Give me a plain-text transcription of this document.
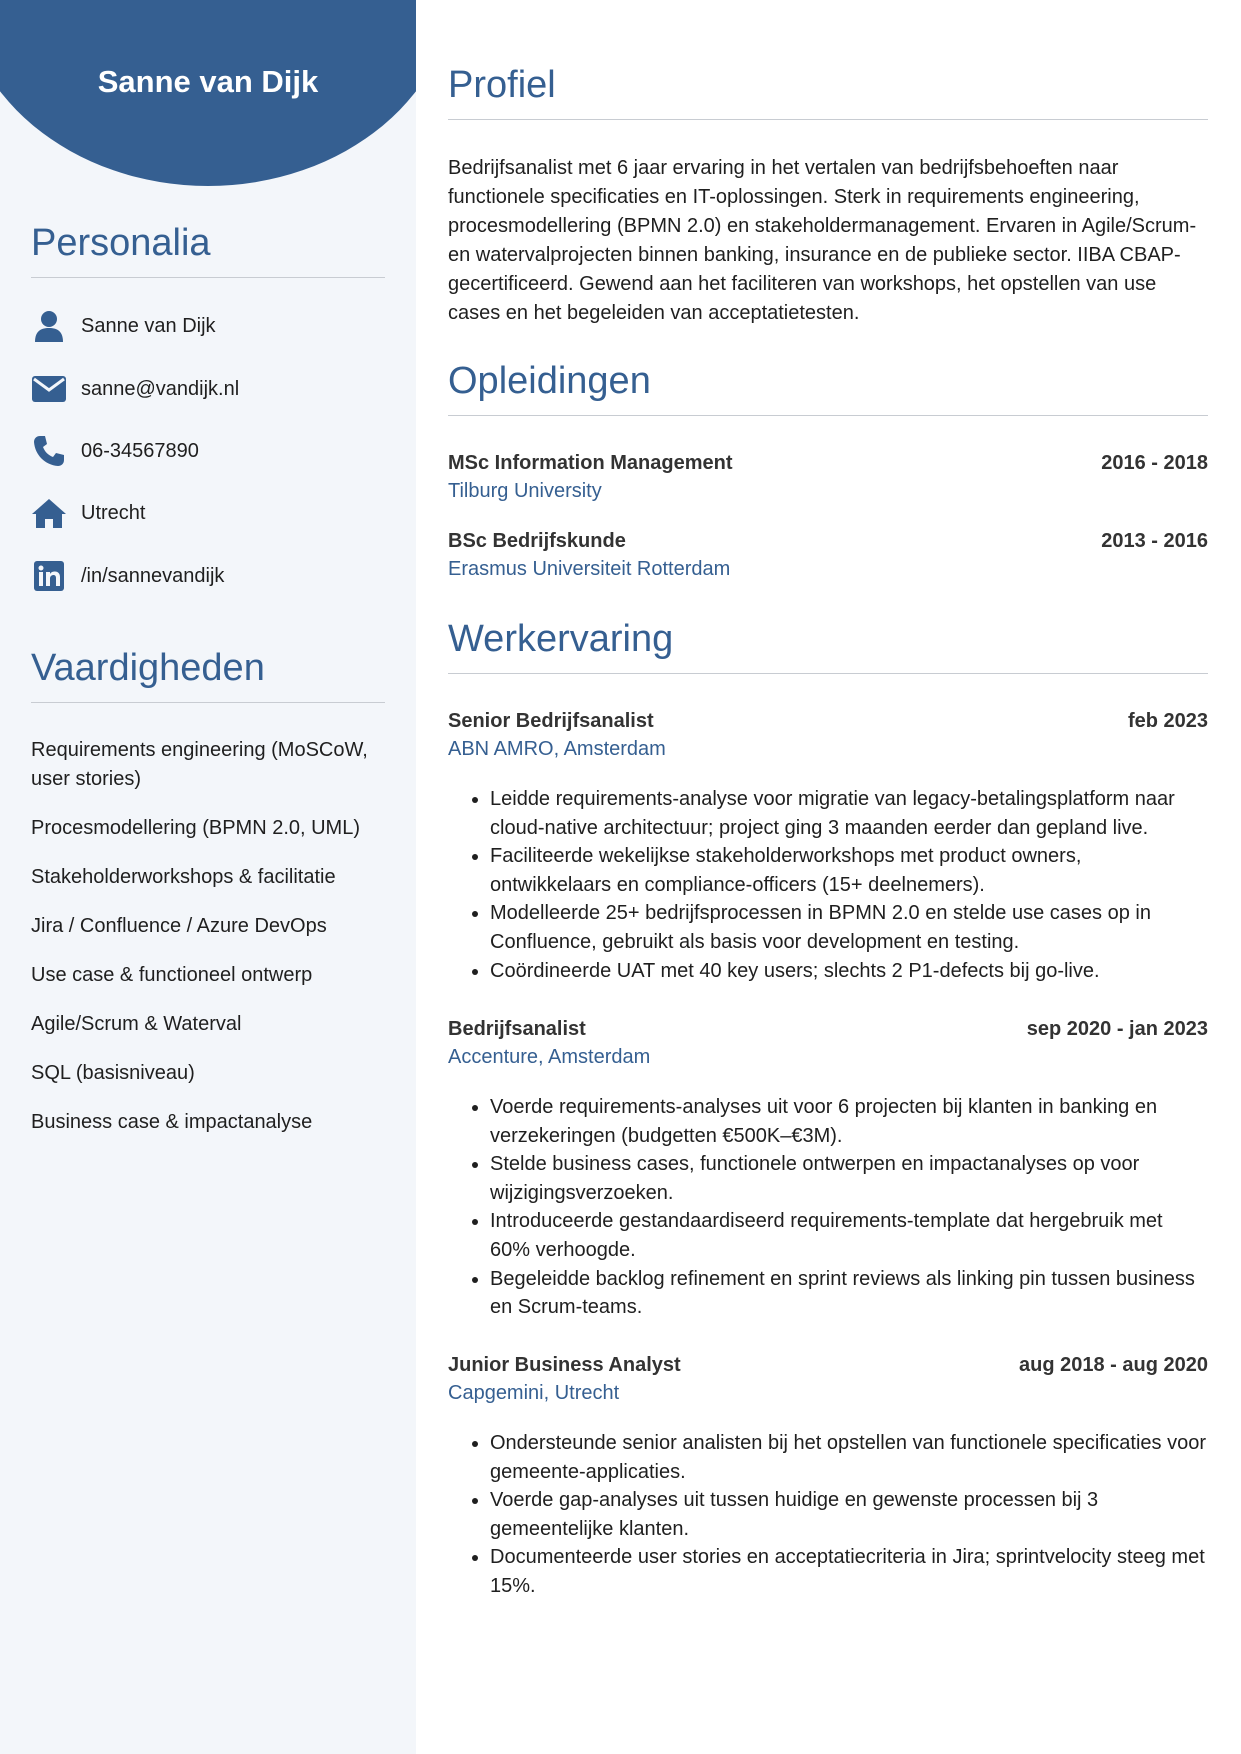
Sanne van Dijk
Personalia
Sanne van Dijk
sanne@vandijk.nl
06-34567890
Utrecht
/in/sannevandijk
Vaardigheden
Requirements engineering (MoSCoW, user stories)
Procesmodellering (BPMN 2.0, UML)
Stakeholderworkshops & facilitatie
Jira / Confluence / Azure DevOps
Use case & functioneel ontwerp
Agile/Scrum & Waterval
SQL (basisniveau)
Business case & impactanalyse
Profiel
Bedrijfsanalist met 6 jaar ervaring in het vertalen van bedrijfsbehoeften naar functionele specificaties en IT-oplossingen. Sterk in requirements engineering, procesmodellering (BPMN 2.0) en stakeholdermanagement. Ervaren in Agile/Scrum- en watervalprojecten binnen banking, insurance en de publieke sector. IIBA CBAP-gecertificeerd. Gewend aan het faciliteren van workshops, het opstellen van use cases en het begeleiden van acceptatietesten.
Opleidingen
MSc Information Management	2016 - 2018
Tilburg University
BSc Bedrijfskunde	2013 - 2016
Erasmus Universiteit Rotterdam
Werkervaring
Senior Bedrijfsanalist	feb 2023
ABN AMRO, Amsterdam
• Leidde requirements-analyse voor migratie van legacy-betalingsplatform naar cloud-native architectuur; project ging 3 maanden eerder dan gepland live.
• Faciliteerde wekelijkse stakeholderworkshops met product owners, ontwikkelaars en compliance-officers (15+ deelnemers).
• Modelleerde 25+ bedrijfsprocessen in BPMN 2.0 en stelde use cases op in Confluence, gebruikt als basis voor development en testing.
• Coördineerde UAT met 40 key users; slechts 2 P1-defects bij go-live.
Bedrijfsanalist	sep 2020 - jan 2023
Accenture, Amsterdam
• Voerde requirements-analyses uit voor 6 projecten bij klanten in banking en verzekeringen (budgetten €500K–€3M).
• Stelde business cases, functionele ontwerpen en impactanalyses op voor wijzigingsverzoeken.
• Introduceerde gestandaardiseerd requirements-template dat hergebruik met 60% verhoogde.
• Begeleidde backlog refinement en sprint reviews als linking pin tussen business en Scrum-teams.
Junior Business Analyst	aug 2018 - aug 2020
Capgemini, Utrecht
• Ondersteunde senior analisten bij het opstellen van functionele specificaties voor gemeente-applicaties.
• Voerde gap-analyses uit tussen huidige en gewenste processen bij 3 gemeentelijke klanten.
• Documenteerde user stories en acceptatiecriteria in Jira; sprintvelocity steeg met 15%.
